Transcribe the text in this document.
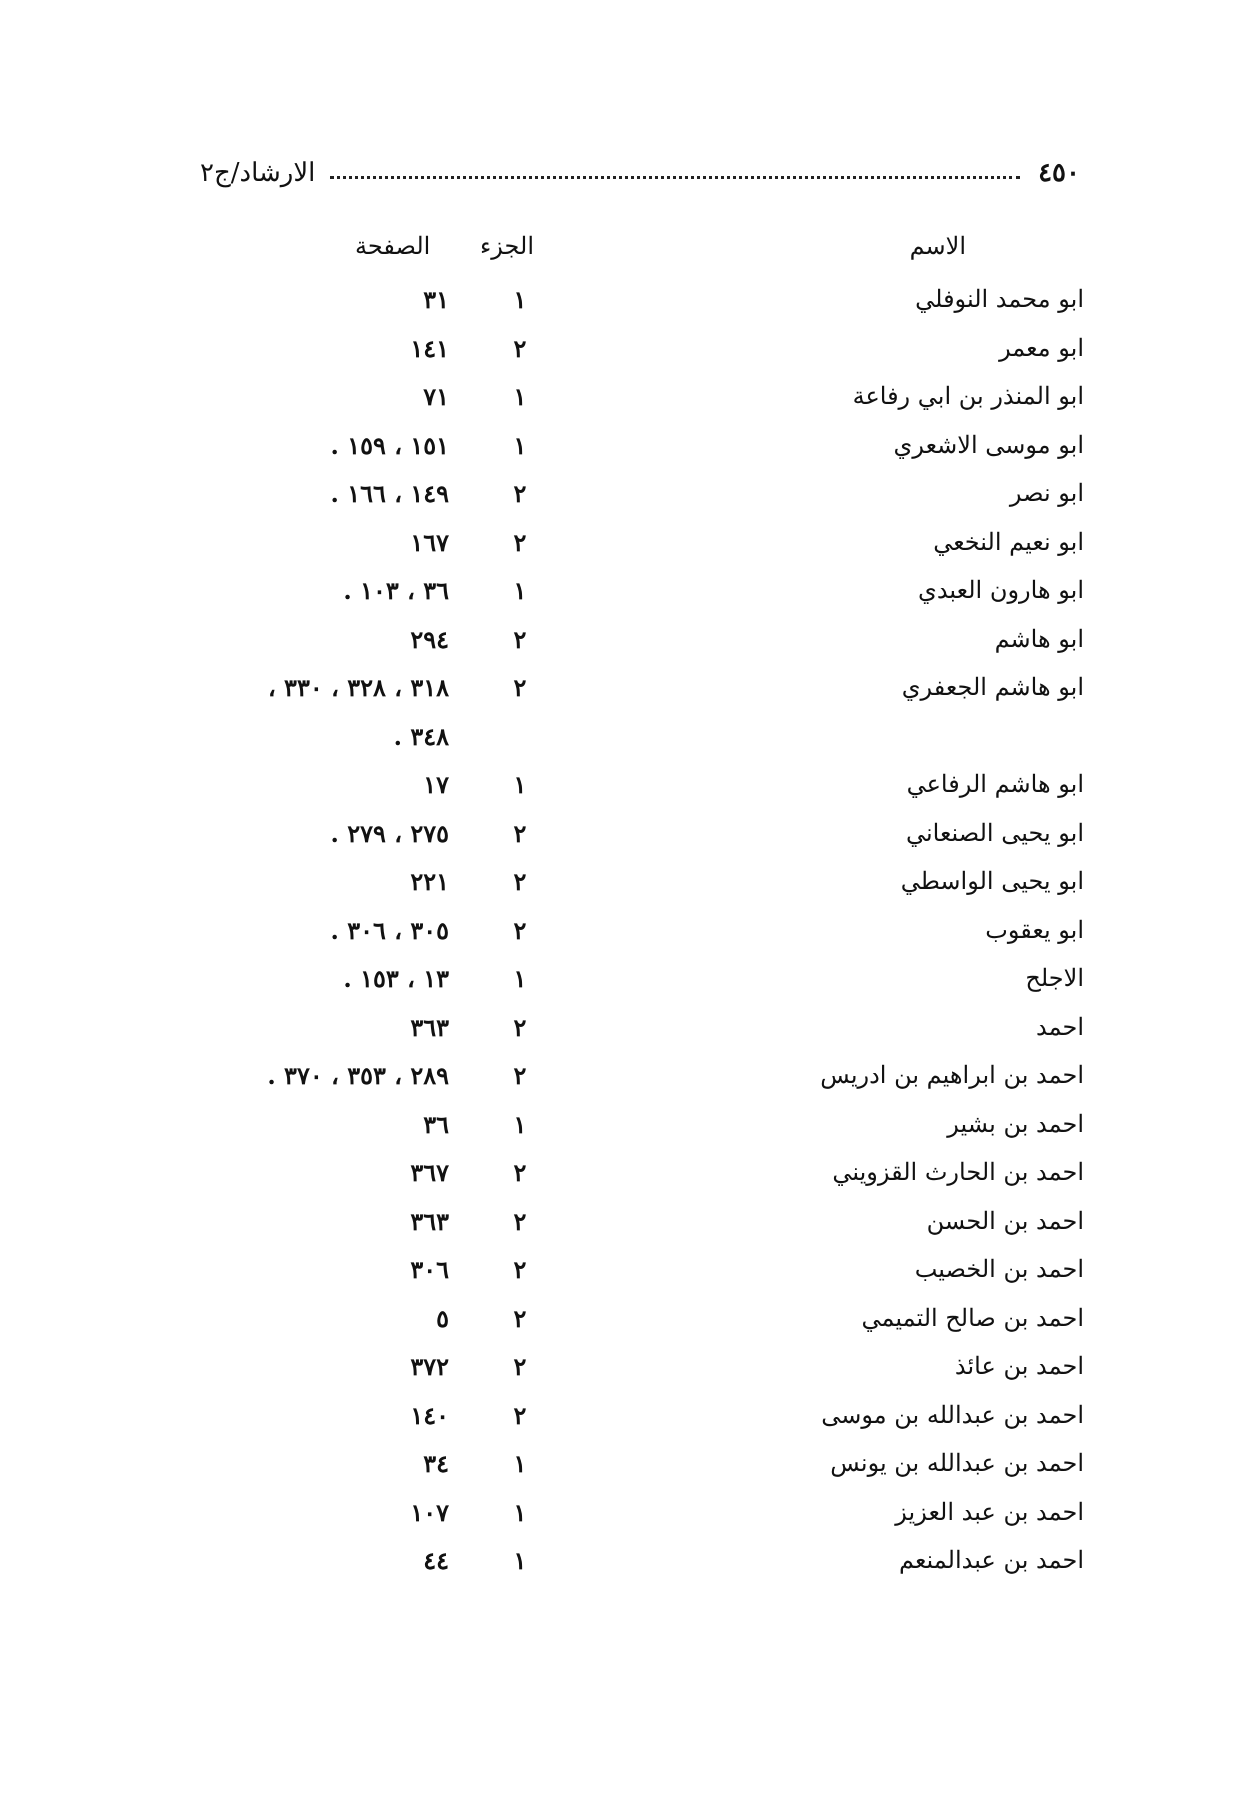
٤٥٠
الارشاد/ج٢
الاسم
الجزء
الصفحة
ابو محمد النوفلي
١
٣١
ابو معمر
٢
١٤١
ابو المنذر بن ابي رفاعة
١
٧١
ابو موسى الاشعري
١
١٥١ ، ١٥٩ .
ابو نصر
٢
١٤٩ ، ١٦٦ .
ابو نعيم النخعي
٢
١٦٧
ابو هارون العبدي
١
٣٦ ، ١٠٣ .
ابو هاشم
٢
٢٩٤
ابو هاشم الجعفري
٢
٣١٨ ، ٣٢٨ ، ٣٣٠ ،
٣٤٨ .
ابو هاشم الرفاعي
١
١٧
ابو يحيى الصنعاني
٢
٢٧٥ ، ٢٧٩ .
ابو يحيى الواسطي
٢
٢٢١
ابو يعقوب
٢
٣٠٥ ، ٣٠٦ .
الاجلح
١
١٣ ، ١٥٣ .
احمد
٢
٣٦٣
احمد بن ابراهيم بن ادريس
٢
٢٨٩ ، ٣٥٣ ، ٣٧٠ .
احمد بن بشير
١
٣٦
احمد بن الحارث القزويني
٢
٣٦٧
احمد بن الحسن
٢
٣٦٣
احمد بن الخصيب
٢
٣٠٦
احمد بن صالح التميمي
٢
٥
احمد بن عائذ
٢
٣٧٢
احمد بن عبدالله بن موسى
٢
١٤٠
احمد بن عبدالله بن يونس
١
٣٤
احمد بن عبد العزيز
١
١٠٧
احمد بن عبدالمنعم
١
٤٤
